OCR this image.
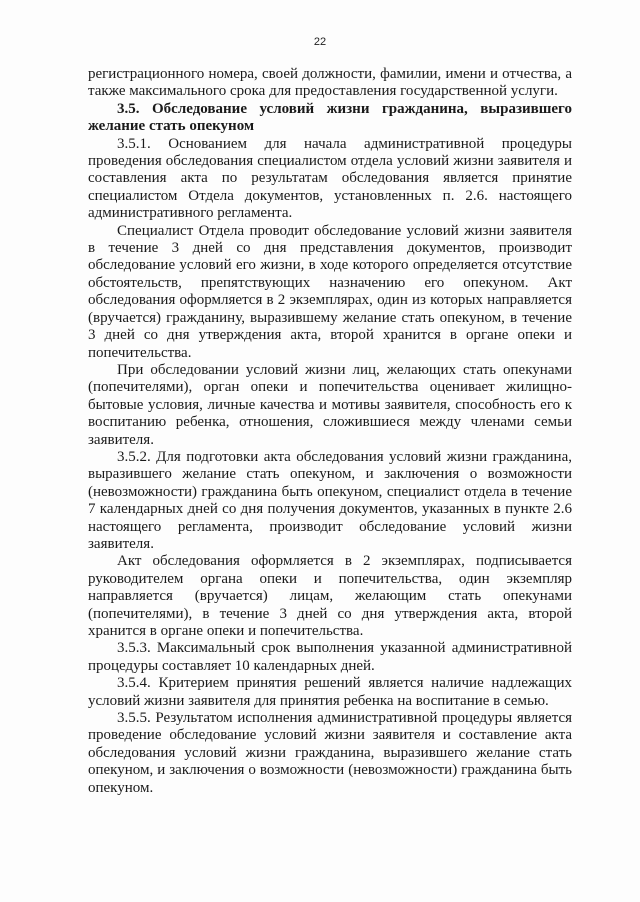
22

регистрационного номера, своей должности, фамилии, имени и отчества, а также максимального срока для предоставления государственной услуги.

3.5. Обследование условий жизни гражданина, выразившего желание стать опекуном

3.5.1. Основанием для начала административной процедуры проведения обследования специалистом отдела условий жизни заявителя и составления акта по результатам обследования является принятие специалистом Отдела документов, установленных п. 2.6. настоящего административного регламента.

Специалист Отдела проводит обследование условий жизни заявителя в течение 3 дней со дня представления документов, производит обследование условий его жизни, в ходе которого определяется отсутствие обстоятельств, препятствующих назначению его опекуном. Акт обследования оформляется в 2 экземплярах, один из которых направляется (вручается) гражданину, выразившему желание стать опекуном, в течение 3 дней со дня утверждения акта, второй хранится в органе опеки и попечительства.

При обследовании условий жизни лиц, желающих стать опекунами (попечителями), орган опеки и попечительства оценивает жилищно-бытовые условия, личные качества и мотивы заявителя, способность его к воспитанию ребенка, отношения, сложившиеся между членами семьи заявителя.

3.5.2. Для подготовки акта обследования условий жизни гражданина, выразившего желание стать опекуном, и заключения о возможности (невозможности) гражданина быть опекуном, специалист отдела в течение 7 календарных дней со дня получения документов, указанных в пункте 2.6 настоящего регламента, производит обследование условий жизни заявителя.

Акт обследования оформляется в 2 экземплярах, подписывается руководителем органа опеки и попечительства, один экземпляр направляется (вручается) лицам, желающим стать опекунами (попечителями), в течение 3 дней со дня утверждения акта, второй хранится в органе опеки и попечительства.

3.5.3. Максимальный срок выполнения указанной административной процедуры составляет 10 календарных дней.

3.5.4. Критерием принятия решений является наличие надлежащих условий жизни заявителя для принятия ребенка на воспитание в семью.

3.5.5. Результатом исполнения административной процедуры является проведение обследование условий жизни заявителя и составление акта обследования условий жизни гражданина, выразившего желание стать опекуном, и заключения о возможности (невозможности) гражданина быть опекуном.
